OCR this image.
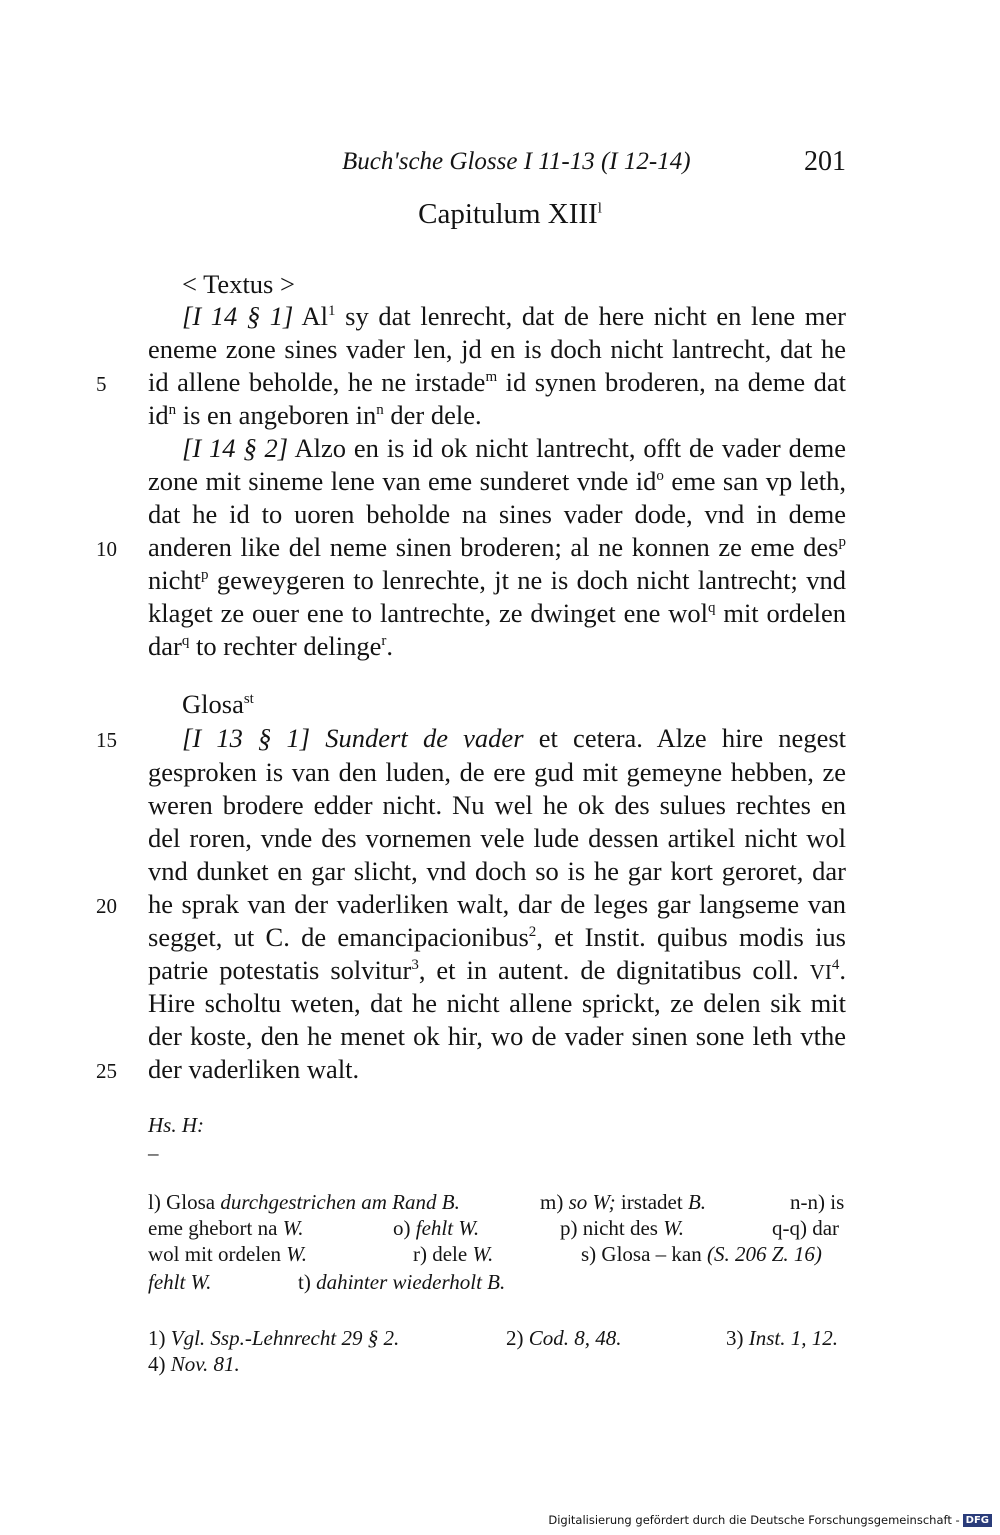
Buch'sche Glosse I 11-13 (I 12-14)	201
Capitulum $XIII^l$
< Textus >
[I 14 § 1] Al$^1$ sy dat lenrecht, dat de here nicht en lene mer
eneme zone sines vader len, jd en is doch nicht lantrecht, dat he
id allene beholde, he ne irstade$^m$ id synen broderen, na deme dat
$id^n$ is en angeboren $in^n$ der dele.
[I 14 § 2] Alzo en is id ok nicht lantrecht, offt de vader deme
zone mit sineme lene van eme sunderet vnde $id^o$ eme san vp leth,
dat he id to uoren beholde na sines vader dode, vnd in deme
anderen like del neme sinen broderen; al ne konnen ze eme des$^p$
nicht$^p$ geweygeren to lenrechte, jt ne is doch nicht lantrecht; vnd
klaget ze ouer ene to lantrechte, ze dwinget ene wol$^q$ mit ordelen
dar$^q$ to rechter delinge$^r$.
Glosa$^{st}$
[I 13 § 1] Sundert de vader et cetera. Alze hire negest
gesproken is van den luden, de ere gud mit gemeyne hebben, ze
weren brodere edder nicht. Nu wel he ok des sulues rechtes en
del roren, vnde des vornemen vele lude dessen artikel nicht wol
vnd dunket en gar slicht, vnd doch so is he gar kort geroret, dar
he sprak van der vaderliken walt, dar de leges gar langseme van
segget, ut C. de emancipacionibus$^2$, et Instit. quibus modis ius
patrie potestatis solvitur$^3$, et in autent. de dignitatibus coll. $VI^4$.
Hire scholtu weten, dat he nicht allene sprickt, ze delen sik mit
der koste, den he menet ok hir, wo de vader sinen sone leth vthe
der vaderliken walt.
5
10
15
20
25
Hs. H:
–
l) Glosa durchgestrichen am Rand B.	m) so W; irstadet B.	n-n) is
o) fehlt W.	p) nicht des W.
eme ghebort na W.	q-q) dar
r) dele W.	s) Glosa – kan (S. 206 Z. 16)
wol mit ordelen W.
t) dahinter wiederholt B.
fehlt W.
1) Vgl. Ssp.-Lehnrecht 29 § 2.	2) Cod. 8, 48.	3) Inst. 1, 12.
4) Nov. 81.
Digitalisierung gefördert durch die Deutsche Forschungsgemeinschaft - DFG
